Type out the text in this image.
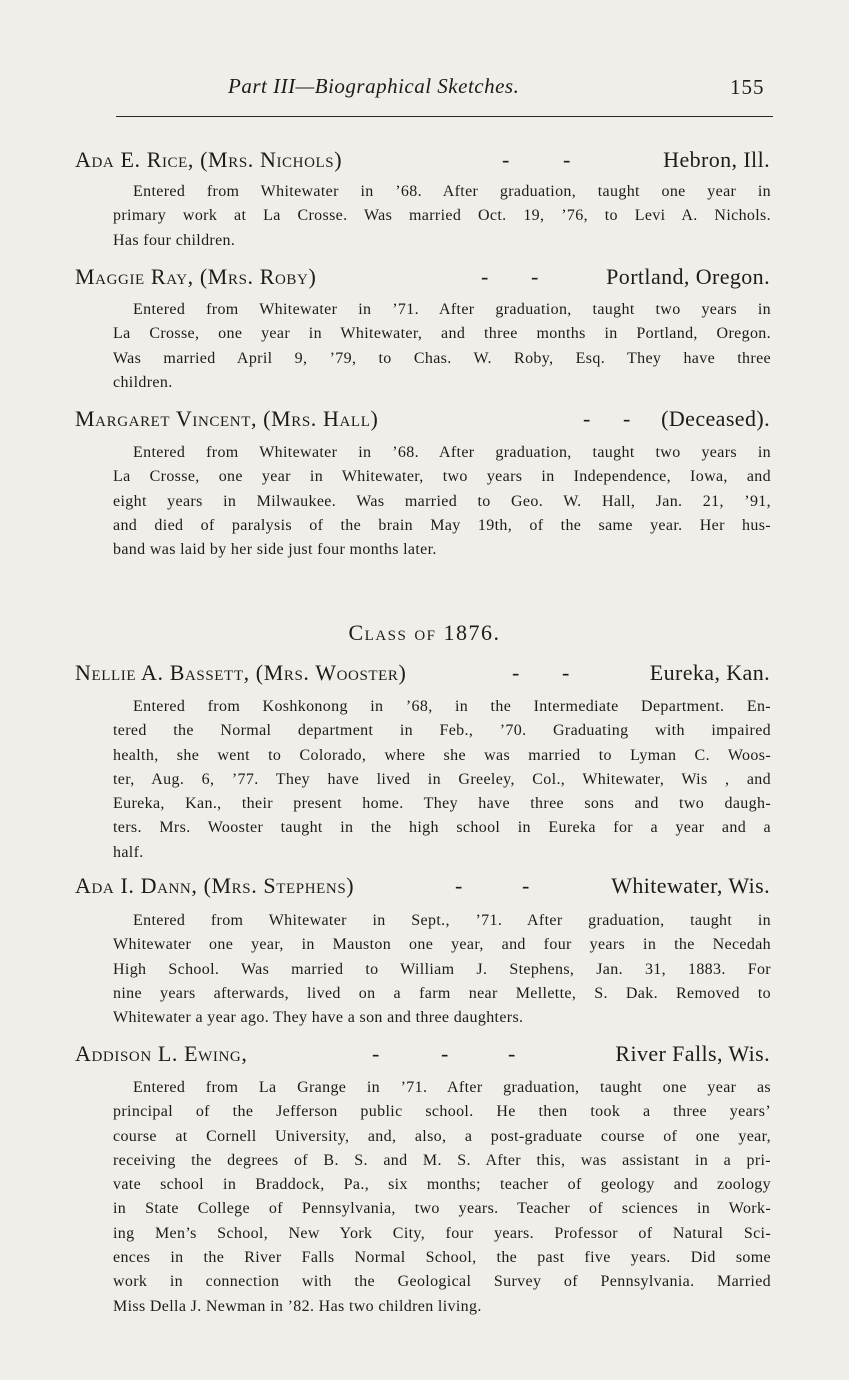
Part III—Biographical Sketches.	155
Ada E. Rice, (Mrs. Nichols)	- -	Hebron, Ill.
Entered from Whitewater in ’68. After graduation, taught one year in
primary work at La Crosse. Was married Oct. 19, ’76, to Levi A. Nichols.
Has four children.
Maggie Ray, (Mrs. Roby)	- -	Portland, Oregon.
Entered from Whitewater in ’71. After graduation, taught two years in
La Crosse, one year in Whitewater, and three months in Portland, Oregon.
Was married April 9, ’79, to Chas. W. Roby, Esq. They have three
children.
Margaret Vincent, (Mrs. Hall)	- - (Deceased).
Entered from Whitewater in ’68. After graduation, taught two years in
La Crosse, one year in Whitewater, two years in Independence, Iowa, and
eight years in Milwaukee. Was married to Geo. W. Hall, Jan. 21, ’91,
and died of paralysis of the brain May 19th, of the same year. Her hus-
band was laid by her side just four months later.
Class of 1876.
Nellie A. Bassett, (Mrs. Wooster)	- -	Eureka, Kan.
Entered from Koshkonong in ’68, in the Intermediate Department. En-
tered the Normal department in Feb., ’70. Graduating with impaired
health, she went to Colorado, where she was married to Lyman C. Woos-
ter, Aug. 6, ’77. They have lived in Greeley, Col., Whitewater, Wis , and
Eureka, Kan., their present home. They have three sons and two daugh-
ters. Mrs. Wooster taught in the high school in Eureka for a year and a
half.
Ada I. Dann, (Mrs. Stephens)	-	-	Whitewater, Wis.
Entered from Whitewater in Sept., ’71. After graduation, taught in
Whitewater one year, in Mauston one year, and four years in the Necedah
High School. Was married to William J. Stephens, Jan. 31, 1883. For
nine years afterwards, lived on a farm near Mellette, S. Dak. Removed to
Whitewater a year ago. They have a son and three daughters.
Addison L. Ewing,	-	-	-	River Falls, Wis.
Entered from La Grange in ’71. After graduation, taught one year as
principal of the Jefferson public school. He then took a three years’
course at Cornell University, and, also, a post-graduate course of one year,
receiving the degrees of B. S. and M. S. After this, was assistant in a pri-
vate school in Braddock, Pa., six months; teacher of geology and zoology
in State College of Pennsylvania, two years. Teacher of sciences in Work-
ing Men’s School, New York City, four years. Professor of Natural Sci-
ences in the River Falls Normal School, the past five years. Did some
work in connection with the Geological Survey of Pennsylvania. Married
Miss Della J. Newman in ’82. Has two children living.
